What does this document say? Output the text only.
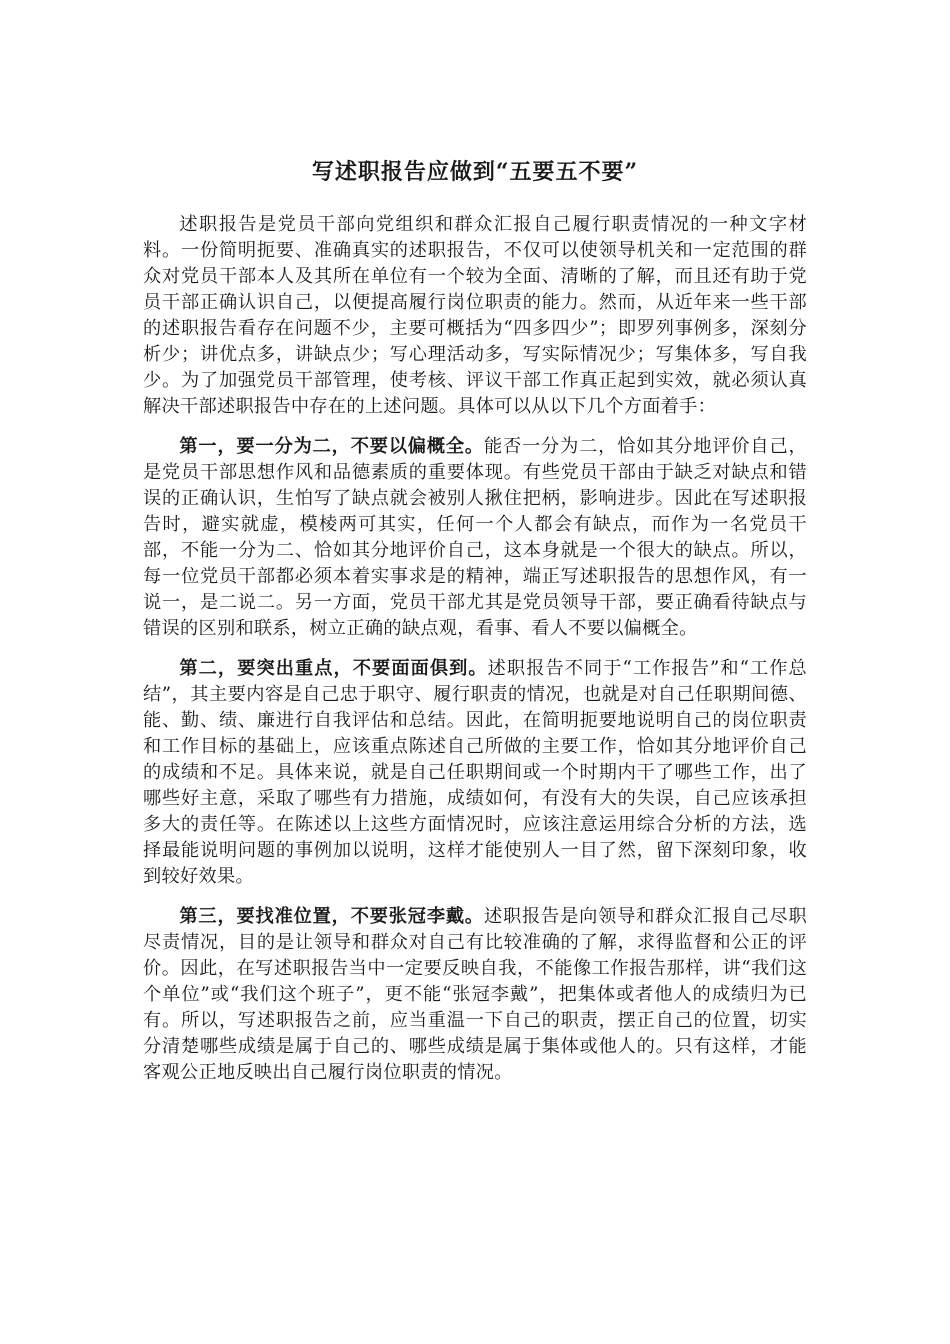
写述职报告应做到“五要五不要”

述职报告是党员干部向党组织和群众汇报自己履行职责情况的一种文字材料。一份简明扼要、准确真实的述职报告，不仅可以使领导机关和一定范围的群众对党员干部本人及其所在单位有一个较为全面、清晰的了解，而且还有助于党员干部正确认识自己，以便提高履行岗位职责的能力。然而，从近年来一些干部的述职报告看存在问题不少，主要可概括为“四多四少”；即罗列事例多，深刻分析少；讲优点多，讲缺点少；写心理活动多，写实际情况少；写集体多，写自我少。为了加强党员干部管理，使考核、评议干部工作真正起到实效，就必须认真解决干部述职报告中存在的上述问题。具体可以从以下几个方面着手：

第一，要一分为二，不要以偏概全。能否一分为二，恰如其分地评价自己，是党员干部思想作风和品德素质的重要体现。有些党员干部由于缺乏对缺点和错误的正确认识，生怕写了缺点就会被别人揪住把柄，影响进步。因此在写述职报告时，避实就虚，模棱两可其实，任何一个人都会有缺点，而作为一名党员干部，不能一分为二、恰如其分地评价自己，这本身就是一个很大的缺点。所以，每一位党员干部都必须本着实事求是的精神，端正写述职报告的思想作风，有一说一，是二说二。另一方面，党员干部尤其是党员领导干部，要正确看待缺点与错误的区别和联系，树立正确的缺点观，看事、看人不要以偏概全。

第二，要突出重点，不要面面俱到。述职报告不同于“工作报告”和“工作总结”，其主要内容是自己忠于职守、履行职责的情况，也就是对自己任职期间德、能、勤、绩、廉进行自我评估和总结。因此，在简明扼要地说明自己的岗位职责和工作目标的基础上，应该重点陈述自己所做的主要工作，恰如其分地评价自己的成绩和不足。具体来说，就是自己任职期间或一个时期内干了哪些工作，出了哪些好主意，采取了哪些有力措施，成绩如何，有没有大的失误，自己应该承担多大的责任等。在陈述以上这些方面情况时，应该注意运用综合分析的方法，选择最能说明问题的事例加以说明，这样才能使别人一目了然，留下深刻印象，收到较好效果。

第三，要找准位置，不要张冠李戴。述职报告是向领导和群众汇报自己尽职尽责情况，目的是让领导和群众对自己有比较准确的了解，求得监督和公正的评价。因此，在写述职报告当中一定要反映自我，不能像工作报告那样，讲“我们这个单位”或“我们这个班子”，更不能“张冠李戴”，把集体或者他人的成绩归为已有。所以，写述职报告之前，应当重温一下自己的职责，摆正自己的位置，切实分清楚哪些成绩是属于自己的、哪些成绩是属于集体或他人的。只有这样，才能客观公正地反映出自己履行岗位职责的情况。
